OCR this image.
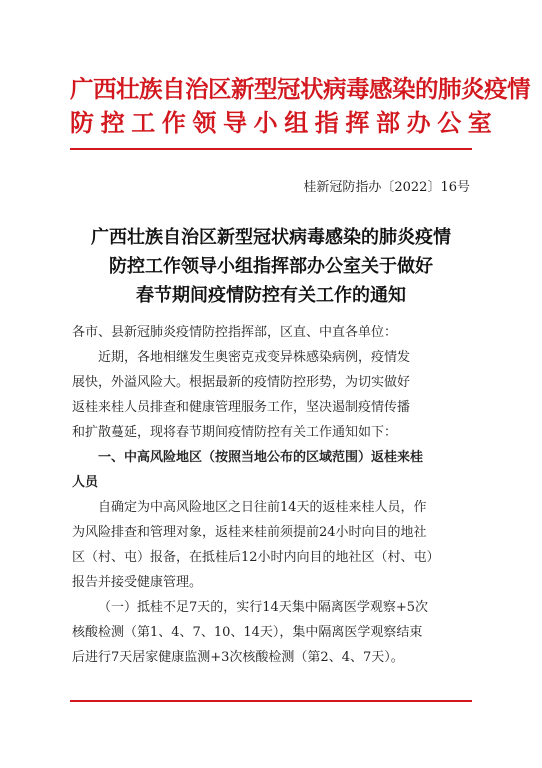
广西壮族自治区新型冠状病毒感染的肺炎疫情
防控工作领导小组指挥部办公室
桂新冠防指办〔2022〕16号
广西壮族自治区新型冠状病毒感染的肺炎疫情
防控工作领导小组指挥部办公室关于做好
春节期间疫情防控有关工作的通知
各市、县新冠肺炎疫情防控指挥部，区直、中直各单位：
近期，各地相继发生奥密克戎变异株感染病例，疫情发
展快，外溢风险大。根据最新的疫情防控形势，为切实做好
返桂来桂人员排查和健康管理服务工作，坚决遏制疫情传播
和扩散蔓延，现将春节期间疫情防控有关工作通知如下：
一、中高风险地区（按照当地公布的区域范围）返桂来桂
人员
自确定为中高风险地区之日往前14天的返桂来桂人员，作
为风险排查和管理对象，返桂来桂前须提前24小时向目的地社
区（村、屯）报备，在抵桂后12小时内向目的地社区（村、屯）
报告并接受健康管理。
（一）抵桂不足7天的，实行14天集中隔离医学观察+5次
核酸检测（第1、4、7、10、14天），集中隔离医学观察结束
后进行7天居家健康监测+3次核酸检测（第2、4、7天）。
